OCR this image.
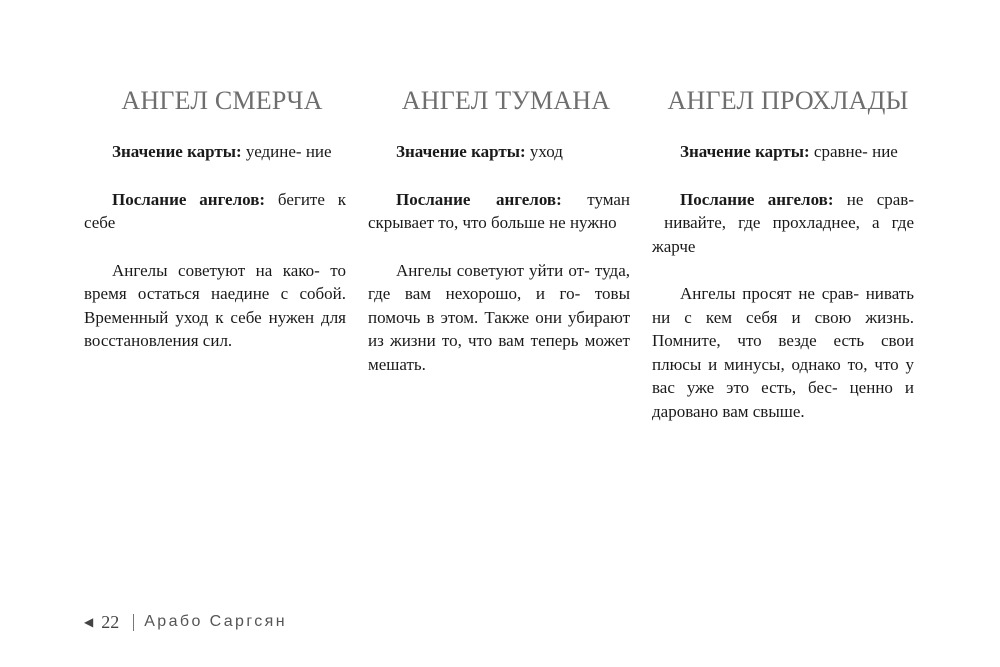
АНГЕЛ СМЕРЧА

Значение карты: уедине- ние

Послание ангелов: бегите к себе

Ангелы советуют на како- то время остаться наедине с собой. Временный уход к себе нужен для восстановления сил.

АНГЕЛ ТУМАНА

Значение карты: уход

Послание ангелов: туман скрывает то, что больше не нужно

Ангелы советуют уйти от- туда, где вам нехорошо, и го- товы помочь в этом. Также они убирают из жизни то, что вам теперь может мешать.

АНГЕЛ ПРОХЛАДЫ

Значение карты: сравне- ние

Послание ангелов: не срав- нивайте, где прохладнее, а где жарче

Ангелы просят не срав- нивать ни с кем себя и свою жизнь. Помните, что везде есть свои плюсы и минусы, однако то, что у вас уже это есть, бес- ценно и даровано вам свыше.

◀ 22 Арабо Саргсян
